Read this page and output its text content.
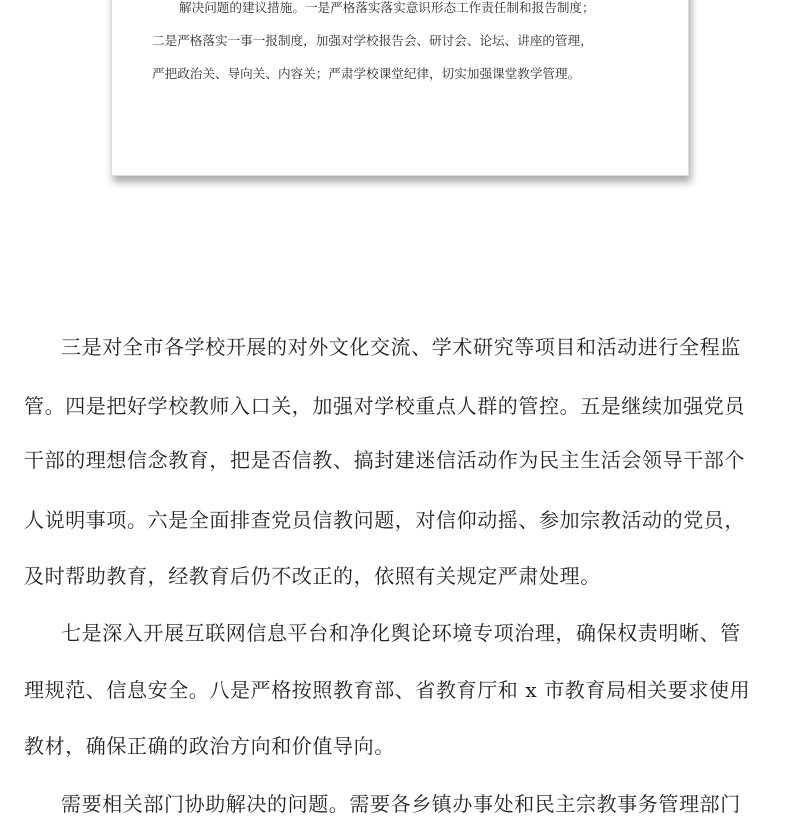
解决问题的建议措施。一是严格落实落实意识形态工作责任制和报告制度；

二是严格落实一事一报制度，加强对学校报告会、研讨会、论坛、讲座的管理，

严把政治关、导向关、内容关；严肃学校课堂纪律，切实加强课堂教学管理。

三是对全市各学校开展的对外文化交流、学术研究等项目和活动进行全程监
管。四是把好学校教师入口关，加强对学校重点人群的管控。五是继续加强党员
干部的理想信念教育，把是否信教、搞封建迷信活动作为民主生活会领导干部个
人说明事项。六是全面排查党员信教问题，对信仰动摇、参加宗教活动的党员，
及时帮助教育，经教育后仍不改正的，依照有关规定严肃处理。
七是深入开展互联网信息平台和净化舆论环境专项治理，确保权责明晰、管
理规范、信息安全。八是严格按照教育部、省教育厅和 x 市教育局相关要求使用
教材，确保正确的政治方向和价值导向。
需要相关部门协助解决的问题。需要各乡镇办事处和民主宗教事务管理部门
